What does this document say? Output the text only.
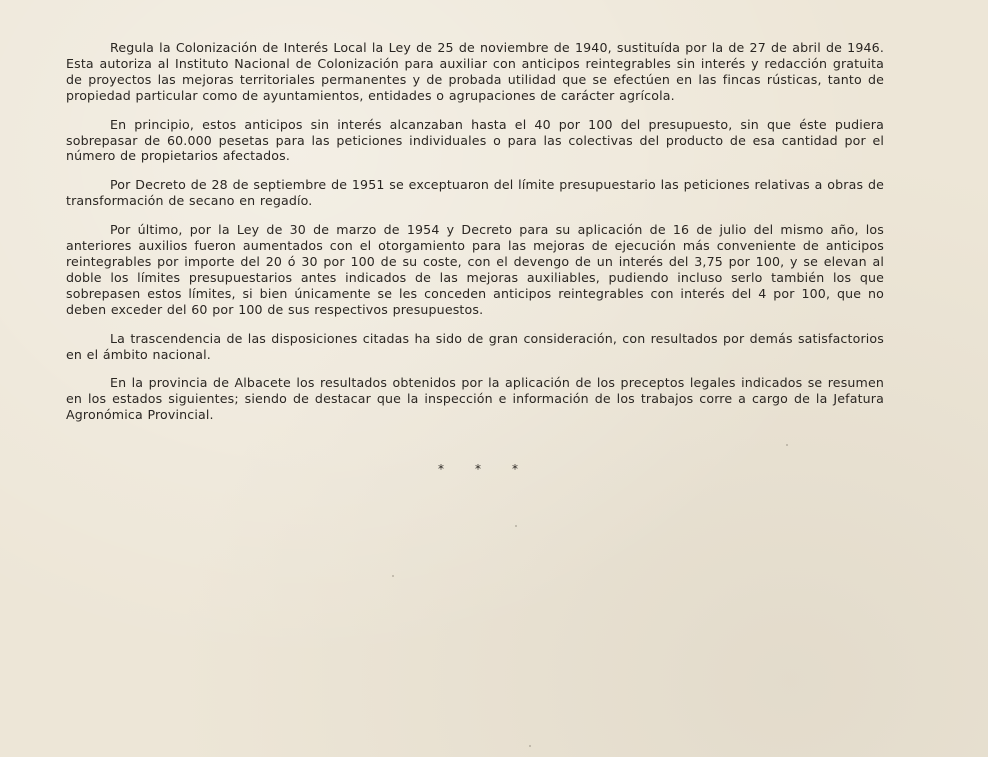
Regula la Colonización de Interés Local la Ley de 25 de noviembre de 1940, sustituída por la de 27 de abril de 1946. Esta autoriza al Instituto Nacional de Colonización para auxiliar con anticipos reintegrables sin interés y redacción gratuita de proyectos las mejoras territoriales permanentes y de probada utilidad que se efectúen en las fincas rústicas, tanto de propiedad particular como de ayuntamientos, entidades o agrupaciones de carácter agrícola.

En principio, estos anticipos sin interés alcanzaban hasta el 40 por 100 del presupuesto, sin que éste pudiera sobrepasar de 60.000 pesetas para las peticiones individuales o para las colectivas del producto de esa cantidad por el número de propietarios afectados.

Por Decreto de 28 de septiembre de 1951 se exceptuaron del límite presupuestario las peticiones relativas a obras de transformación de secano en regadío.

Por último, por la Ley de 30 de marzo de 1954 y Decreto para su aplicación de 16 de julio del mismo año, los anteriores auxilios fueron aumentados con el otorgamiento para las mejoras de ejecución más conveniente de anticipos reintegrables por importe del 20 ó 30 por 100 de su coste, con el devengo de un interés del 3,75 por 100, y se elevan al doble los límites presupuestarios antes indicados de las mejoras auxiliables, pudiendo incluso serlo también los que sobrepasen estos límites, si bien únicamente se les conceden anticipos reintegrables con interés del 4 por 100, que no deben exceder del 60 por 100 de sus respectivos presupuestos.

La trascendencia de las disposiciones citadas ha sido de gran consideración, con resultados por demás satisfactorios en el ámbito nacional.

En la provincia de Albacete los resultados obtenidos por la aplicación de los preceptos legales indicados se resumen en los estados siguientes; siendo de destacar que la inspección e información de los trabajos corre a cargo de la Jefatura Agronómica Provincial.

*	*	*
